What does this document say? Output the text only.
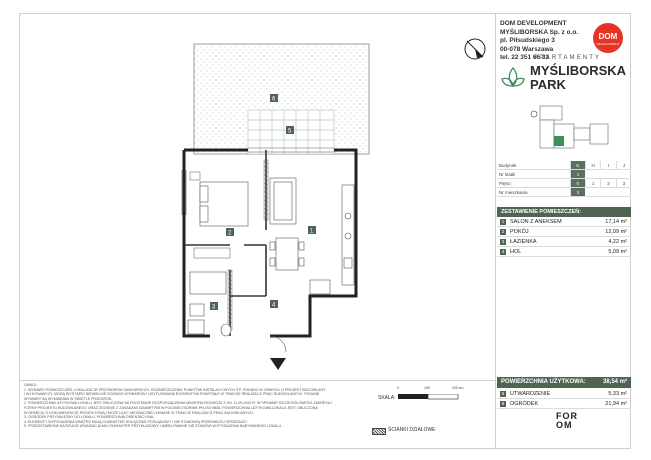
1
2
3	4
5
6
DOM DEVELOPMENT
MYŚLIBORSKA Sp. z o.o.
pl. Piłsudskiego 3
00-078 Warszawa
tel. 22 351 66 33
DOM
DEVELOPMENT
APARTAMENTY
MYŚLIBORSKA
PARK
Budynek	G	H	I	J
Nr klatki	1			
Piętro	0	1	2	3
Nr mieszkania	3			
ZESTAWIENIE POMIESZCZEŃ:
1	SALON Z ANEKSEM	17,14 m²
2	POKÓJ	12,09 m²
3	ŁAZIENKA	4,22 m²
4	HOL	5,09 m²
POWIERZCHNIA UŻYTKOWA:	38,54 m²
5	UTWARDZENIE	5,33 m²
6	OGRÓDEK	21,94 m²
FOR
OM
UWAGI:
1. WYMIARY POMIESZCZEŃ, LOKALIZACJE PRZYBORÓW SANITARNYCH, ROZMIESZCZENIE PUNKTÓW INSTALACYJNYCH ITP. PODANO W OPARCIU O PROJEKT BUDOWLANY
I WYKONAWCZY, MOGĄ WYSTĄPIĆ NIEWIELKIE RÓŻNICE WYMIARÓW I USYTUOWANIA ELEMENTÓW POWSTAŁE W TRAKCIE REALIZACJI PRAC BUDOWLANYCH. PODANE
WYMIARY SĄ WYMIARAMI W ŚWIETLE PRZEGRÓD.
2. POWIERZCHNIA UŻYTKOWA LOKALU JEST OBLICZONA NA PODSTAWIE ROZPORZĄDZENIA MINISTRA ROZWOJU Z DN. 11.09.2020 R. W SPRAWIE SZCZEGÓŁOWEGO ZAKRESU I
FORMY PROJEKTU BUDOWLANEGO ORAZ ZGODNIE Z ZASADAMI ZAWARTYMI W POLSKIEJ NORMIE PN-ISO 9836. POWIERZCHNIA UŻYTKOWA LOKALU JEST OBLICZONA
W OPARCIU O DOKUMENTACJĘ PROJEKTOWĄ I MOŻE ULEC NIEZNACZNEJ ZMIANIE W TRAKCIE REALIZACJI PRAC BUDOWLANYCH.
3. OGRÓDEK PRZYNALEŻNY DO LOKALU, POWIERZCHNIA ORIENTACYJNA.
4. ELEMENTY WYPOSAŻENIA WNĘTRZ MAJĄ CHARAKTER WYŁĄCZNIE POGLĄDOWY I NIE STANOWIĄ PRZEDMIOTU SPRZEDAŻY.
5. PRZEDSTAWIONA NA RZUCIE ARANŻACJA MA CHARAKTER PRZYKŁADOWY, UMEBLOWANIE NIE STANOWI WYPOSAŻENIA NABYWANEGO LOKALU.
SKALA:
0	100	200 cm
ŚCIANKI DZIAŁOWE
